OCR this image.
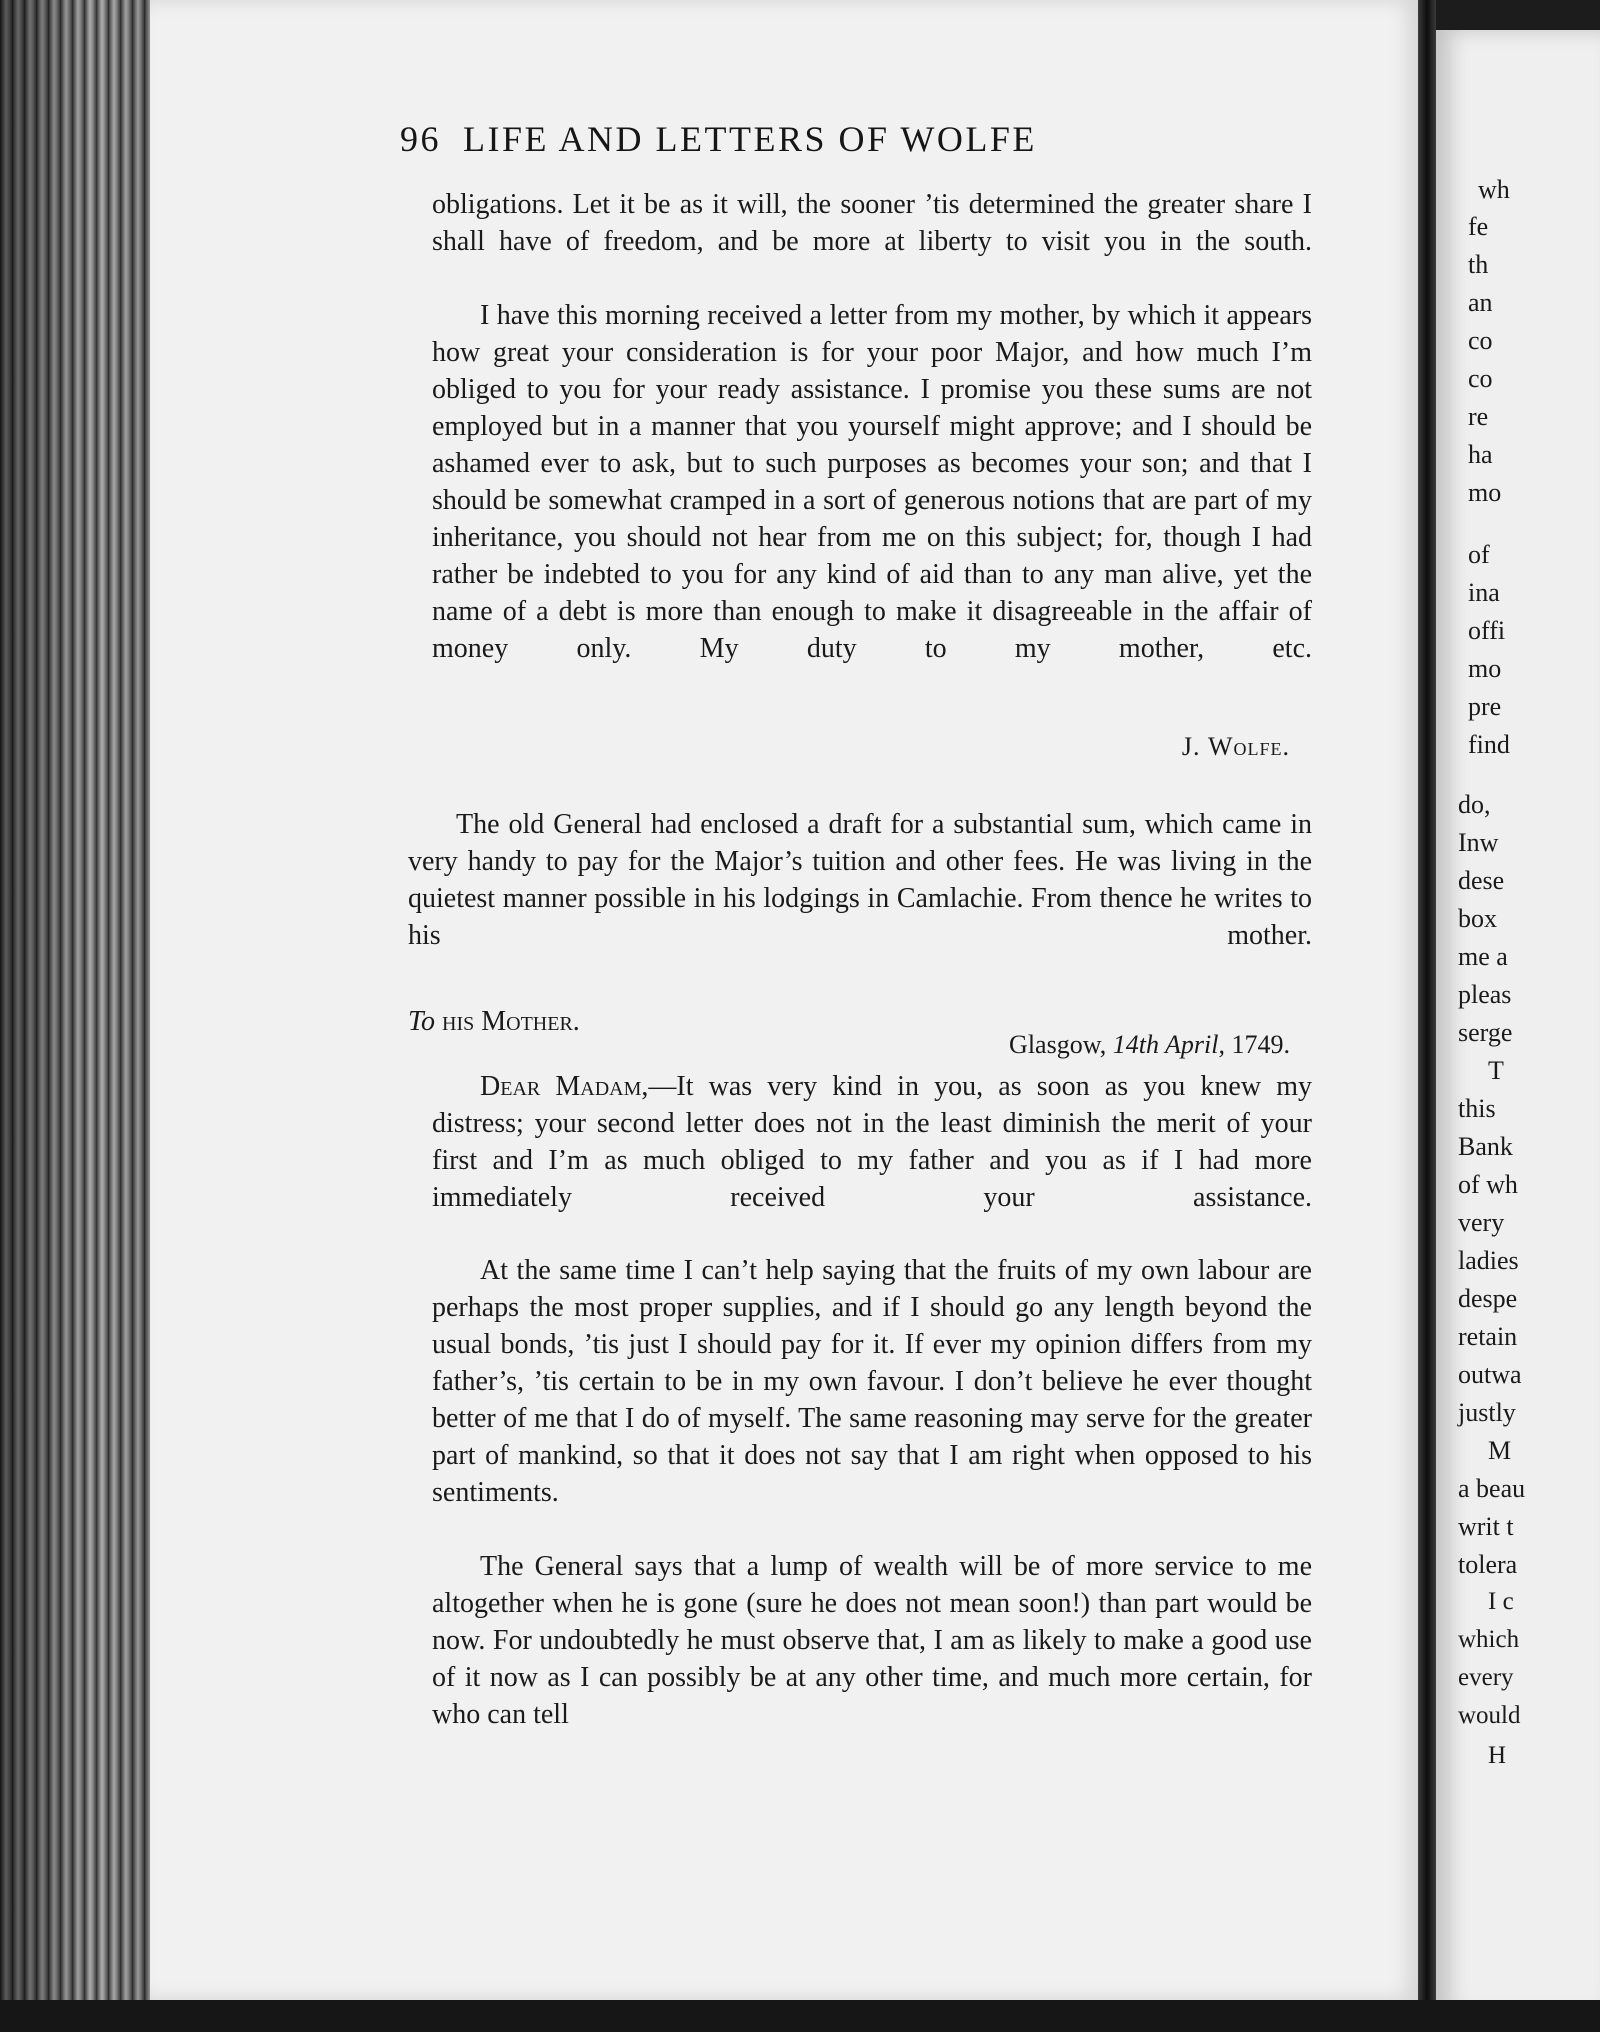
wh
fe
th
an
co
co
re
ha
mo
of
ina
offi
mo
pre
find
do,
Inw
dese
box
me a
pleas
serge
T
this
Bank
of wh
very
ladies
despe
retain
outwa
justly
M
a beau
writ t
tolera
I c
which
every
would
H
96 LIFE AND LETTERS OF WOLFE
obligations. Let it be as it will, the sooner ’tis determined the greater share I shall have of freedom, and be more at liberty to visit you in the south.
I have this morning received a letter from my mother, by which it appears how great your consideration is for your poor Major, and how much I’m obliged to you for your ready assistance. I promise you these sums are not employed but in a manner that you yourself might approve; and I should be ashamed ever to ask, but to such purposes as becomes your son; and that I should be somewhat cramped in a sort of generous notions that are part of my inheritance, you should not hear from me on this subject; for, though I had rather be indebted to you for any kind of aid than to any man alive, yet the name of a debt is more than enough to make it disagreeable in the affair of money only. My duty to my mother, etc.
J. Wolfe.
The old General had enclosed a draft for a substantial sum, which came in very handy to pay for the Major’s tuition and other fees. He was living in the quietest manner possible in his lodgings in Camlachie. From thence he writes to his mother.
To his Mother.
Glasgow, 14th April, 1749.
Dear Madam,—It was very kind in you, as soon as you knew my distress; your second letter does not in the least diminish the merit of your first and I’m as much obliged to my father and you as if I had more immediately received your assistance.
At the same time I can’t help saying that the fruits of my own labour are perhaps the most proper supplies, and if I should go any length beyond the usual bonds, ’tis just I should pay for it. If ever my opinion differs from my father’s, ’tis certain to be in my own favour. I don’t believe he ever thought better of me that I do of myself. The same reasoning may serve for the greater part of mankind, so that it does not say that I am right when opposed to his sentiments.
The General says that a lump of wealth will be of more service to me altogether when he is gone (sure he does not mean soon!) than part would be now. For undoubtedly he must observe that, I am as likely to make a good use of it now as I can possibly be at any other time, and much more certain, for who can tell
